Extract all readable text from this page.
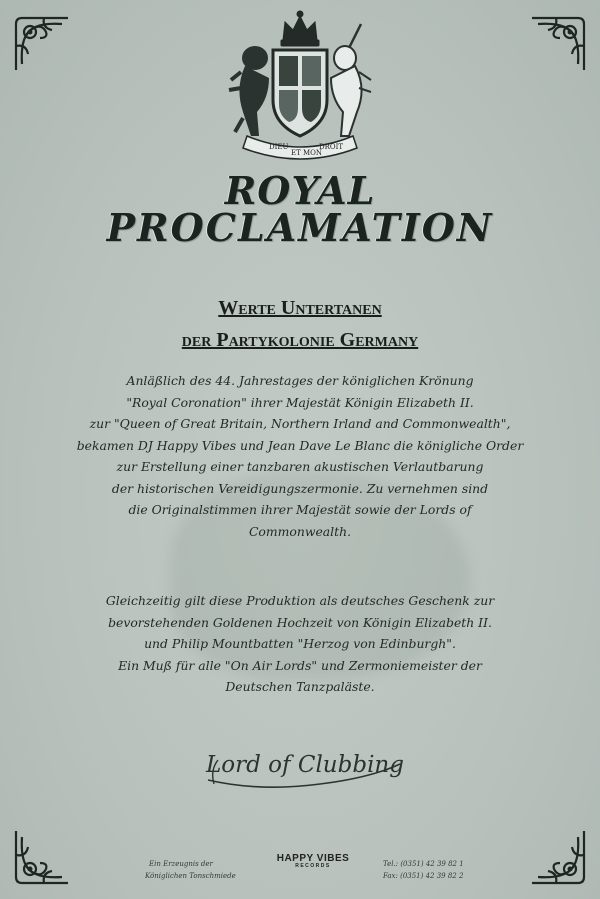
DIEU
ET MON
DROIT
ROYAL
PROCLAMATION
Werte Untertanen
der Partykolonie Germany
Anläßlich des 44. Jahrestages der königlichen Krönung
"Royal Coronation" ihrer Majestät Königin Elizabeth II.
zur "Queen of Great Britain, Northern Irland and Commonwealth",
bekamen DJ Happy Vibes und Jean Dave Le Blanc die königliche Order
zur Erstellung einer tanzbaren akustischen Verlautbarung
der historischen Vereidigungszermonie. Zu vernehmen sind
die Originalstimmen ihrer Majestät sowie der Lords of
Commonwealth.
Gleichzeitig gilt diese Produktion als deutsches Geschenk zur
bevorstehenden Goldenen Hochzeit von Königin Elizabeth II.
und Philip Mountbatten "Herzog von Edinburgh".
Ein Muß für alle "On Air Lords" und Zermoniemeister der
Deutschen Tanzpaläste.
Lord of Clubbing
Ein Erzeugnis der
Königlichen Tonschmiede
HAPPY VIBES
RECORDS	Tel.: (0351) 42 39 82 1
Fax: (0351) 42 39 82 2
